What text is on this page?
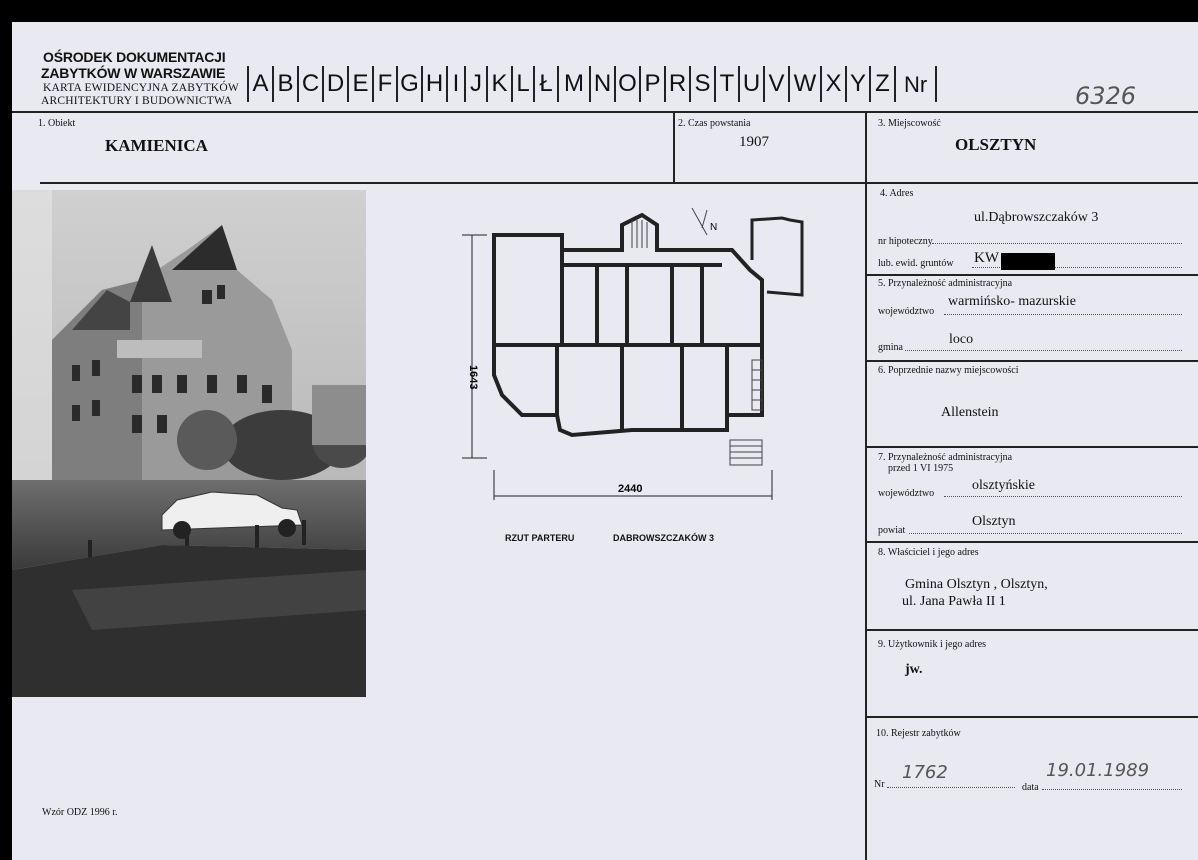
OŚRODEK DOKUMENTACJI
ZABYTKÓW W WARSZAWIE
KARTA EWIDENCYJNA ZABYTKÓW
ARCHITEKTURY I BUDOWNICTWA
A B C D E F G H I J K L Ł M N O P R S T U V W X Y Z Nr	6326
1. Obiekt
KAMIENICA
2. Czas powstania
1907
3. Miejscowość
OLSZTYN
4. Adres
ul.Dąbrowszczaków 3
nr hipoteczny
lub. ewid. gruntów KW
5. Przynależność administracyjna
warmińsko- mazurskie
województwo
loco
gmina
6. Poprzednie nazwy miejscowości
Allenstein
7. Przynależność administracyjna
przed 1 VI 1975
olsztyńskie
województwo
Olsztyn
powiat
8. Właściciel i jego adres
Gmina Olsztyn , Olsztyn,
ul. Jana Pawła II 1
9. Użytkownik i jego adres
jw.
10. Rejestr zabytków
Nr
1762
data
19.01.1989
N
1643
2440
RZUT PARTERU	DABROWSZCZAKÓW 3
Wzór ODZ 1996 r.
